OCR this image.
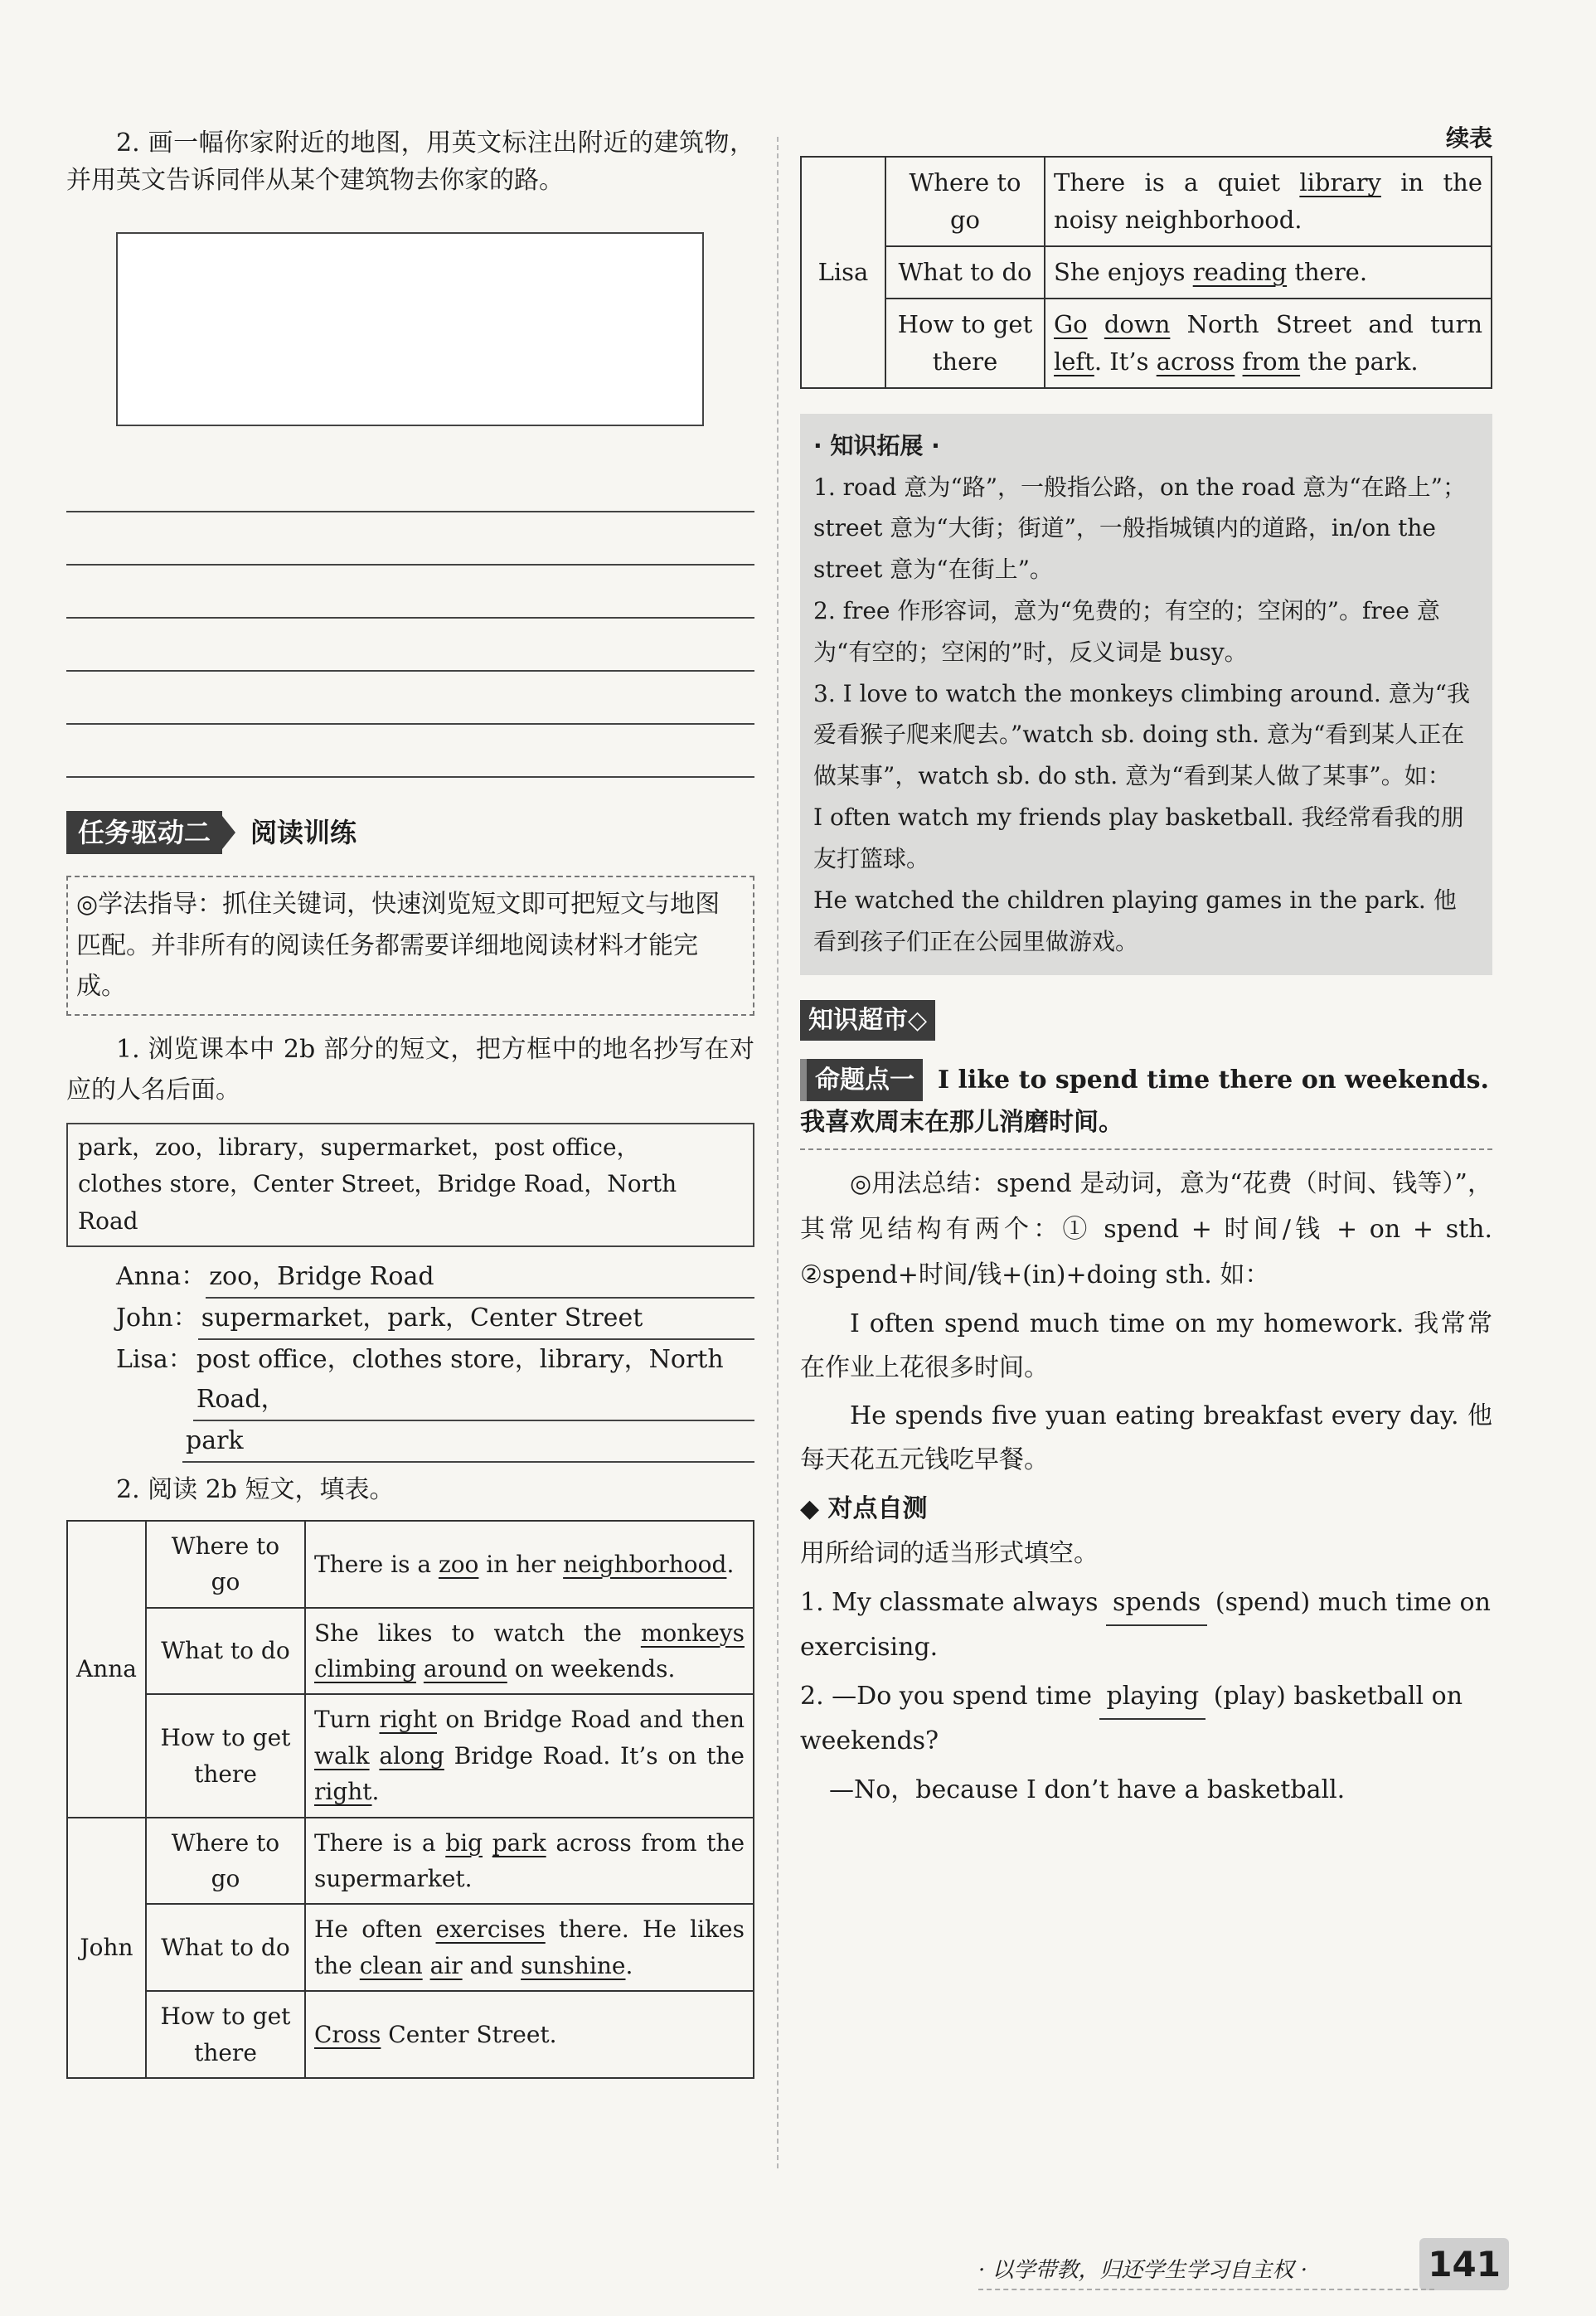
2. 画一幅你家附近的地图，用英文标注出附近的建筑物，并用英文告诉同伴从某个建筑物去你家的路。

任务驱动二	阅读训练
◎学法指导：抓住关键词，快速浏览短文即可把短文与地图匹配。并非所有的阅读任务都需要详细地阅读材料才能完成。

1. 浏览课本中 2b 部分的短文，把方框中的地名抄写在对应的人名后面。

park，zoo，library，supermarket，post office，
clothes store，Center Street，Bridge Road，North Road
Anna： zoo，Bridge Road
John： supermarket，park，Center Street
Lisa： post office，clothes store，library，North Road，
park

2. 阅读 2b 短文，填表。

Anna	Where to go	There is a zoo in her neighborhood.
	What to do	She likes to watch the monkeys climbing around on weekends.
	How to get there	Turn right on Bridge Road and then walk along Bridge Road. It’s on the right.
John	Where to go	There is a big park across from the supermarket.
	What to do	He often exercises there. He likes the clean air and sunshine.
	How to get there	Cross Center Street.
续表
Lisa	Where to go	There is a quiet library in the noisy neighborhood.
	What to do	She enjoys reading there.
	How to get there	Go down North Street and turn left. It’s across from the park.
· 知识拓展 ·

1. road 意为“路”，一般指公路，on the road 意为“在路上”；street 意为“大街；街道”，一般指城镇内的道路，in/on the street 意为“在街上”。

2. free 作形容词，意为“免费的；有空的；空闲的”。free 意为“有空的；空闲的”时，反义词是 busy。

3. I love to watch the monkeys climbing around. 意为“我爱看猴子爬来爬去。”watch sb. doing sth. 意为“看到某人正在做某事”，watch sb. do sth. 意为“看到某人做了某事”。如：

I often watch my friends play basketball. 我经常看我的朋友打篮球。

He watched the children playing games in the park. 他看到孩子们正在公园里做游戏。

知识超市◇
命题点一 I like to spend time there on weekends. 我喜欢周末在那儿消磨时间。

◎用法总结：spend 是动词，意为“花费（时间、钱等）”，其常见结构有两个：① spend + 时间/钱 + on + sth. ②spend+时间/钱+(in)+doing sth. 如：

I often spend much time on my homework. 我常常在作业上花很多时间。

He spends five yuan eating breakfast every day. 他每天花五元钱吃早餐。

◆ 对点自测

用所给词的适当形式填空。

1. My classmate always spends (spend) much time on exercising.

2. —Do you spend time playing (play) basketball on weekends?

—No，because I don’t have a basketball.

· 以学带教，归还学生学习自主权 ·	141
